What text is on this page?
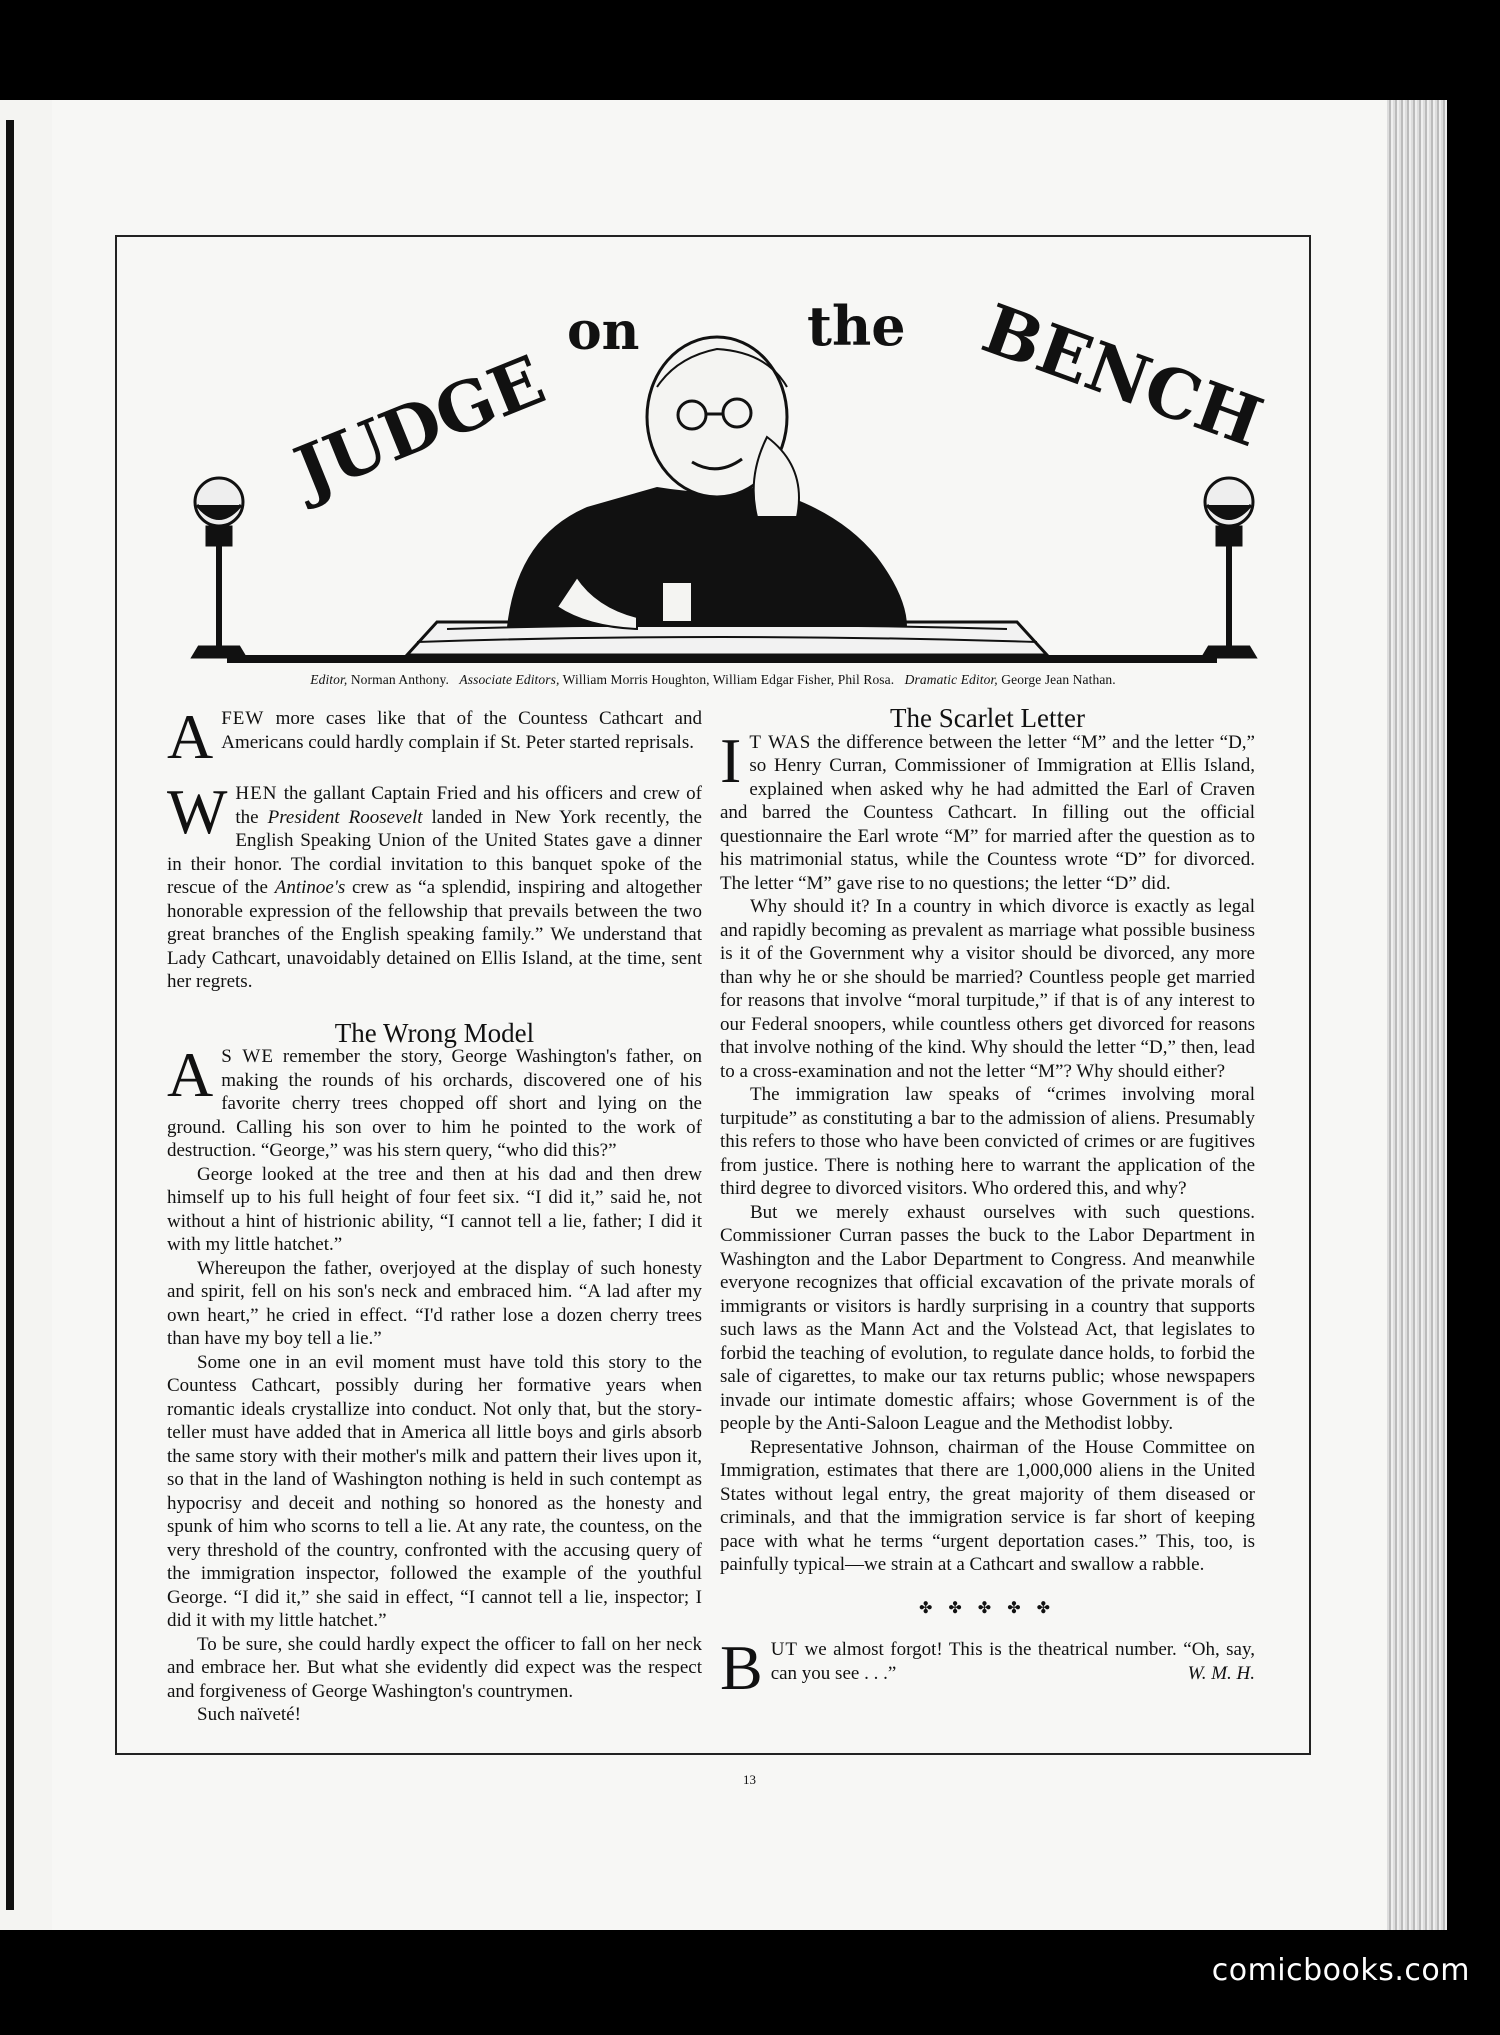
JUDGE
on	the BENCH
Editor, Norman Anthony. Associate Editors, William Morris Houghton, William Edgar Fisher, Phil Rosa. Dramatic Editor, George Jean Nathan.

AFEW more cases like that of the Countess Cathcart and Americans could hardly complain if St. Peter started reprisals.

WHEN the gallant Captain Fried and his officers and crew of the President Roosevelt landed in New York recently, the English Speaking Union of the United States gave a dinner in their honor. The cordial invitation to this banquet spoke of the rescue of the Antinoe's crew as “a splendid, inspiring and altogether honorable expression of the fellowship that prevails between the two great branches of the English speaking family.” We understand that Lady Cathcart, unavoidably detained on Ellis Island, at the time, sent her regrets.

The Wrong Model

A S WE remember the story, George Washington's father, on making the rounds of his orchards, discovered one of his favorite cherry trees chopped off short and lying on the ground. Calling his son over to him he pointed to the work of destruction. “George,” was his stern query, “who did this?”

George looked at the tree and then at his dad and then drew himself up to his full height of four feet six. “I did it,” said he, not without a hint of histrionic ability, “I cannot tell a lie, father; I did it with my little hatchet.”

Whereupon the father, overjoyed at the display of such honesty and spirit, fell on his son's neck and embraced him. “A lad after my own heart,” he cried in effect. “I'd rather lose a dozen cherry trees than have my boy tell a lie.”

Some one in an evil moment must have told this story to the Countess Cathcart, possibly during her formative years when romantic ideals crystallize into conduct. Not only that, but the story-teller must have added that in America all little boys and girls absorb the same story with their mother's milk and pattern their lives upon it, so that in the land of Washington nothing is held in such contempt as hypocrisy and deceit and nothing so honored as the honesty and spunk of him who scorns to tell a lie. At any rate, the countess, on the very threshold of the country, confronted with the accusing query of the immigration inspector, followed the example of the youthful George. “I did it,” she said in effect, “I cannot tell a lie, inspector; I did it with my little hatchet.”

To be sure, she could hardly expect the officer to fall on her neck and embrace her. But what she evidently did expect was the respect and forgiveness of George Washington's countrymen.

Such naïveté!

The Scarlet Letter

I T WAS the difference between the letter “M” and the letter “D,” so Henry Curran, Commissioner of Immigration at Ellis Island, explained when asked why he had admitted the Earl of Craven and barred the Countess Cathcart. In filling out the official questionnaire the Earl wrote “M” for married after the question as to his matrimonial status, while the Countess wrote “D” for divorced. The letter “M” gave rise to no questions; the letter “D” did.

Why should it? In a country in which divorce is exactly as legal and rapidly becoming as prevalent as marriage what possible business is it of the Government why a visitor should be divorced, any more than why he or she should be married? Countless people get married for reasons that involve “moral turpitude,” if that is of any interest to our Federal snoopers, while countless others get divorced for reasons that involve nothing of the kind. Why should the letter “D,” then, lead to a cross-examination and not the letter “M”? Why should either?

The immigration law speaks of “crimes involving moral turpitude” as constituting a bar to the admission of aliens. Presumably this refers to those who have been convicted of crimes or are fugitives from justice. There is nothing here to warrant the application of the third degree to divorced visitors. Who ordered this, and why?

But we merely exhaust ourselves with such questions. Commissioner Curran passes the buck to the Labor Department in Washington and the Labor Department to Congress. And meanwhile everyone recognizes that official excavation of the private morals of immigrants or visitors is hardly surprising in a country that supports such laws as the Mann Act and the Volstead Act, that legislates to forbid the teaching of evolution, to regulate dance holds, to forbid the sale of cigarettes, to make our tax returns public; whose newspapers invade our intimate domestic affairs; whose Government is of the people by the Anti-Saloon League and the Methodist lobby.

Representative Johnson, chairman of the House Committee on Immigration, estimates that there are 1,000,000 aliens in the United States without legal entry, the great majority of them diseased or criminals, and that the immigration service is far short of keeping pace with what he terms “urgent deportation cases.” This, too, is painfully typical—we strain at a Cathcart and swallow a rabble.

✤ ✤ ✤ ✤ ✤

BUT we almost forgot! This is the theatrical number. “Oh, say, can you see . . .”	W. M. H.

13
comicbooks.com
